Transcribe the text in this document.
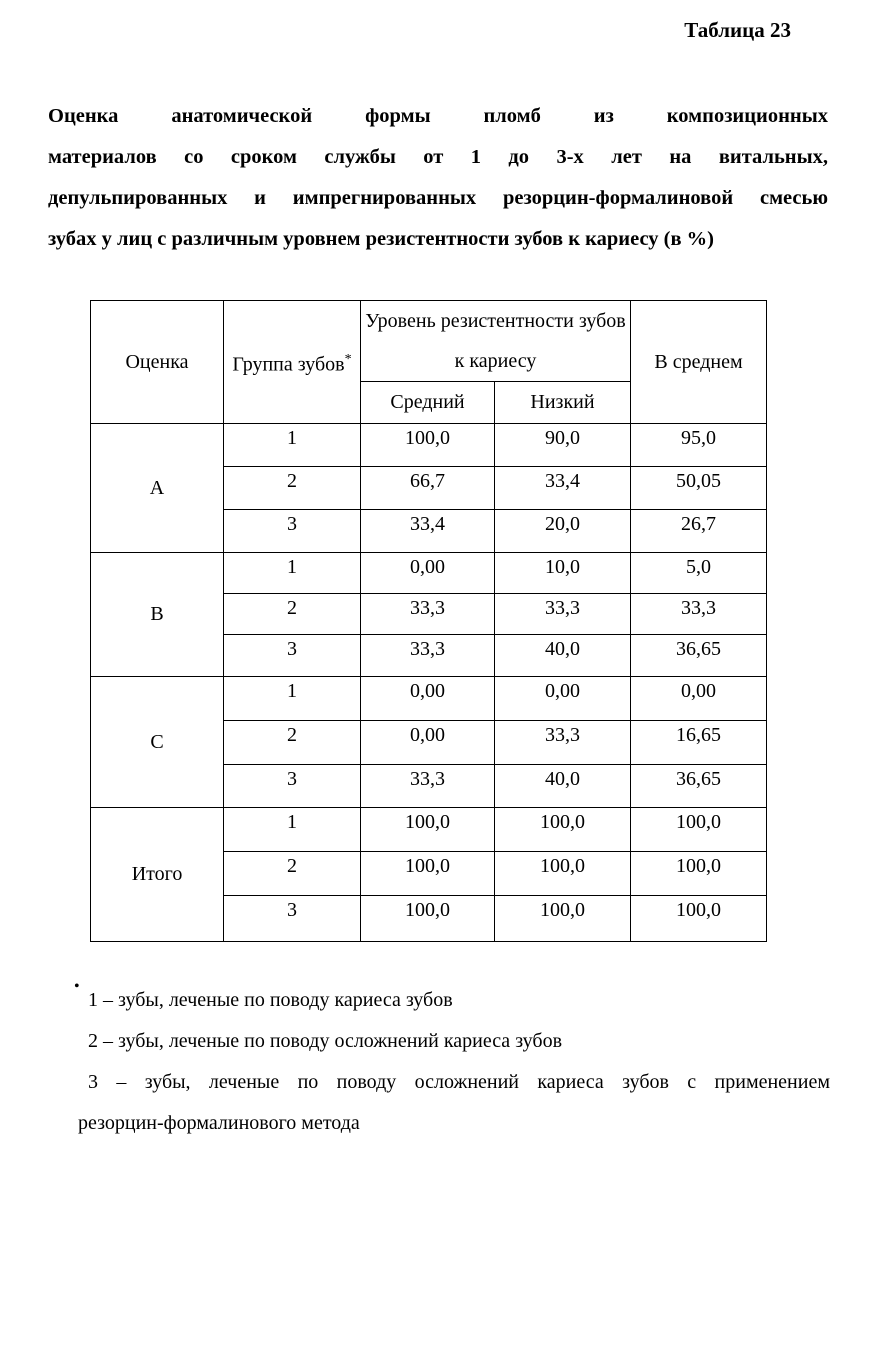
Таблица 23
Оценка анатомической формы пломб из композиционных
материалов со сроком службы от 1 до 3-х лет на витальных,
депульпированных и импрегнированных резорцин-формалиновой смесью
зубах у лиц с различным уровнем резистентности зубов к кариесу (в %)
Оценка	Группа зубов*	Уровень резистентности зубов к кариесу		В среднем
		Средний	Низкий	
А	1	100,0	90,0	95,0
	2	66,7	33,4	50,05
	3	33,4	20,0	26,7
В	1	0,00	10,0	5,0
	2	33,3	33,3	33,3
	3	33,3	40,0	36,65
С	1	0,00	0,00	0,00
	2	0,00	33,3	16,65
	3	33,3	40,0	36,65
Итого	1	100,0	100,0	100,0
	2	100,0	100,0	100,0
	3	100,0	100,0	100,0
•
1 – зубы, леченые по поводу кариеса зубов
2 – зубы, леченые по поводу осложнений кариеса зубов
3 – зубы, леченые по поводу осложнений кариеса зубов с применением
резорцин-формалинового метода
